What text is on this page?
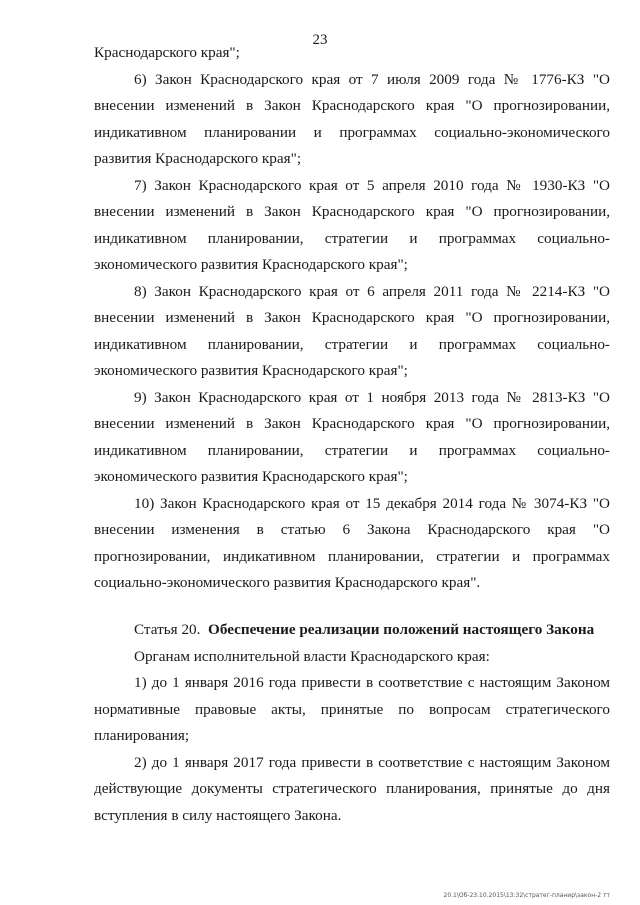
23

Краснодарского края";

6) Закон Краснодарского края от 7 июля 2009 года № 1776-КЗ "О внесении изменений в Закон Краснодарского края "О прогнозировании, индикативном планировании и программах социально-экономического развития Краснодарского края";

7) Закон Краснодарского края от 5 апреля 2010 года № 1930-КЗ "О внесении изменений в Закон Краснодарского края "О прогнозировании, индикативном планировании, стратегии и программах социально-экономического развития Краснодарского края";

8) Закон Краснодарского края от 6 апреля 2011 года № 2214-КЗ "О внесении изменений в Закон Краснодарского края "О прогнозировании, индикативном планировании, стратегии и программах социально-экономического развития Краснодарского края";

9) Закон Краснодарского края от 1 ноября 2013 года № 2813-КЗ "О внесении изменений в Закон Краснодарского края "О прогнозировании, индикативном планировании, стратегии и программах социально-экономического развития Краснодарского края";

10) Закон Краснодарского края от 15 декабря 2014 года № 3074-КЗ "О внесении изменения в статью 6 Закона Краснодарского края "О прогнозировании, индикативном планировании, стратегии и программах социально-экономического развития Краснодарского края".

Статья 20. Обеспечение реализации положений настоящего Закона

Органам исполнительной власти Краснодарского края:

1) до 1 января 2016 года привести в соответствие с настоящим Законом нормативные правовые акты, принятые по вопросам стратегического планирования;

2) до 1 января 2017 года привести в соответствие с настоящим Законом действующие документы стратегического планирования, принятые до дня вступления в силу настоящего Закона.

20.1\Об-23.10.2015\13:32\стратег-планир\закон-2 тт
